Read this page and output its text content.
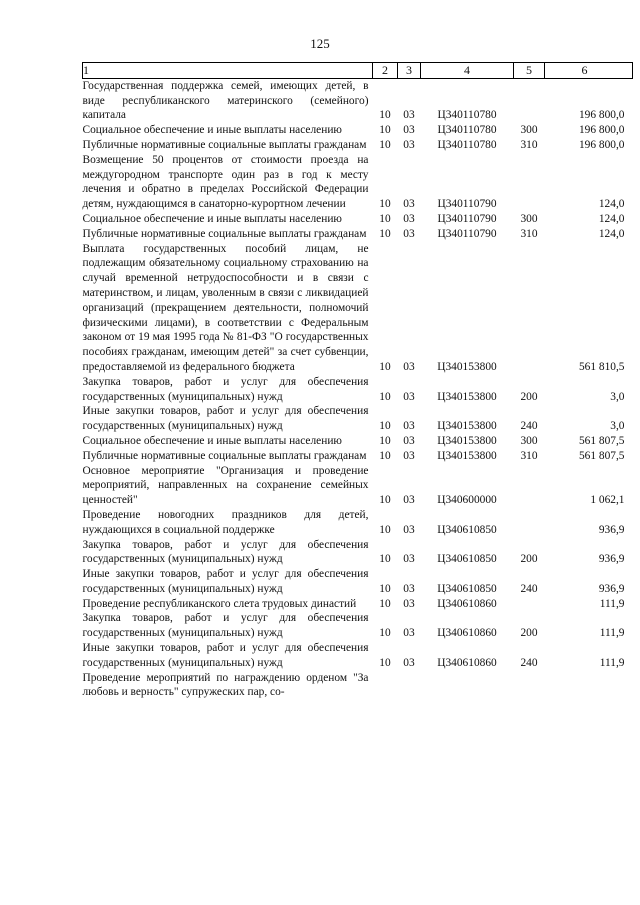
125
1	2	3	4	5	6
Государственная поддержка семей, имеющих детей, в виде республиканского материнского (семейного) капитала	10	03	Ц340110780		196 800,0
Социальное обеспечение и иные выплаты населению	10	03	Ц340110780	300	196 800,0
Публичные нормативные социальные выплаты гражданам	10	03	Ц340110780	310	196 800,0
Возмещение 50 процентов от стоимости проезда на междугородном транспорте один раз в год к месту лечения и обратно в пределах Российской Федерации детям, нуждающимся в санаторно-курортном лечении	10	03	Ц340110790		124,0
Социальное обеспечение и иные выплаты населению	10	03	Ц340110790	300	124,0
Публичные нормативные социальные выплаты гражданам	10	03	Ц340110790	310	124,0
Выплата государственных пособий лицам, не подлежащим обязательному социальному страхованию на случай временной нетрудоспособности и в связи с материнством, и лицам, уволенным в связи с ликвидацией организаций (прекращением деятельности, полномочий физическими лицами), в соответствии с Федеральным законом от 19 мая 1995 года № 81-ФЗ "О государственных пособиях гражданам, имеющим детей" за счет субвенции, предоставляемой из федерального бюджета	10	03	Ц340153800		561 810,5
Закупка товаров, работ и услуг для обеспечения государственных (муниципальных) нужд	10	03	Ц340153800	200	3,0
Иные закупки товаров, работ и услуг для обеспечения государственных (муниципальных) нужд	10	03	Ц340153800	240	3,0
Социальное обеспечение и иные выплаты населению	10	03	Ц340153800	300	561 807,5
Публичные нормативные социальные выплаты гражданам	10	03	Ц340153800	310	561 807,5
Основное мероприятие "Организация и проведение мероприятий, направленных на сохранение семейных ценностей"	10	03	Ц340600000		1 062,1
Проведение новогодних праздников для детей, нуждающихся в социальной поддержке	10	03	Ц340610850		936,9
Закупка товаров, работ и услуг для обеспечения государственных (муниципальных) нужд	10	03	Ц340610850	200	936,9
Иные закупки товаров, работ и услуг для обеспечения государственных (муниципальных) нужд	10	03	Ц340610850	240	936,9
Проведение республиканского слета трудовых династий	10	03	Ц340610860		111,9
Закупка товаров, работ и услуг для обеспечения государственных (муниципальных) нужд	10	03	Ц340610860	200	111,9
Иные закупки товаров, работ и услуг для обеспечения государственных (муниципальных) нужд	10	03	Ц340610860	240	111,9
Проведение мероприятий по награждению орденом "За любовь и верность" супружеских пар, со-					
